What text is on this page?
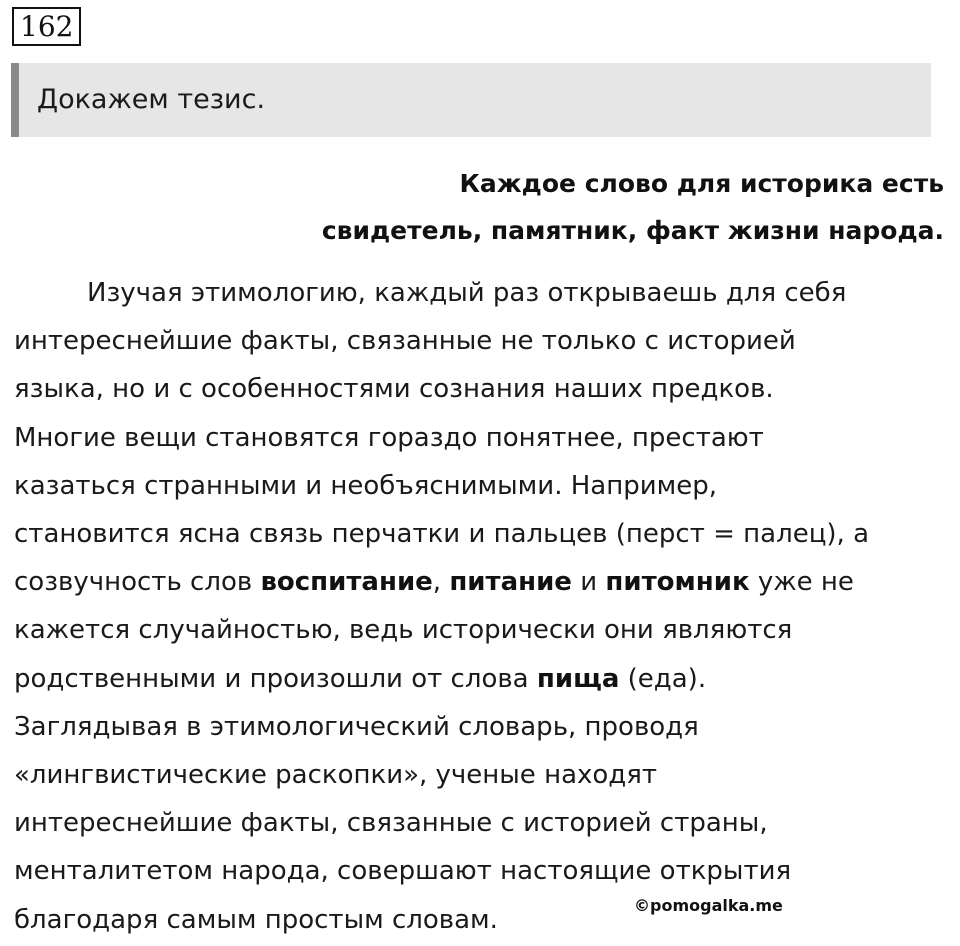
162
Докажем тезис.
Каждое слово для историка есть
свидетель, памятник, факт жизни народа.
Изучая этимологию, каждый раз открываешь для себя
интереснейшие факты, связанные не только с историей
языка, но и с особенностями сознания наших предков.
Многие вещи становятся гораздо понятнее, престают
казаться странными и необъяснимыми. Например,
становится ясна связь перчатки и пальцев (перст = палец), а
созвучность слов воспитание, питание и питомник уже не
кажется случайностью, ведь исторически они являются
родственными и произошли от слова пища (еда).
Заглядывая в этимологический словарь, проводя
«лингвистические раскопки», ученые находят
интереснейшие факты, связанные с историей страны,
менталитетом народа, совершают настоящие открытия
благодаря самым простым словам.	©pomogalka.me
